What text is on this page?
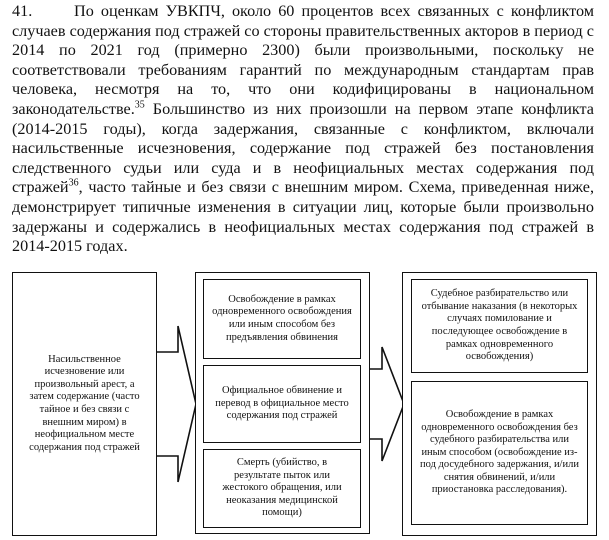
41.	По оценкам УВКПЧ, около 60 процентов всех связанных с конфликтом случаев содержания под стражей со стороны правительственных акторов в период с 2014 по 2021 год (примерно 2300) были произвольными, поскольку не соответствовали требованиям гарантий по международным стандартам прав человека, несмотря на то, что они кодифицированы в национальном законодательстве.$^{35}$ Большинство из них произошли на первом этапе конфликта (2014-2015 годы), когда задержания, связанные с конфликтом, включали насильственные исчезновения, содержание под стражей без постановления следственного судьи или суда и в неофициальных местах содержания под стражей$^{36}$, часто тайные и без связи с внешним миром. Схема, приведенная ниже, демонстрирует типичные изменения в ситуации лиц, которые были произвольно задержаны и содержались в неофициальных местах содержания под стражей в 2014-2015 годах.
Насильственное исчезновение или произвольный арест, а затем содержание (часто тайное и без связи с внешним миром) в неофициальном месте содержания под стражей
Освобождение в рамках одновременного освобождения или иным способом без предъявления обвинения
Официальное обвинение и перевод в официальное место содержания под стражей
Смерть (убийство, в результате пыток или жестокого обращения, или неоказания медицинской помощи)
Судебное разбирательство или отбывание наказания (в некоторых случаях помилование и последующее освобождение в рамках одновременного освобождения)
Освобождение в рамках одновременного освобождения без судебного разбирательства или иным способом (освобождение из-под досудебного задержания, и/или снятия обвинений, и/или приостановка расследования).
